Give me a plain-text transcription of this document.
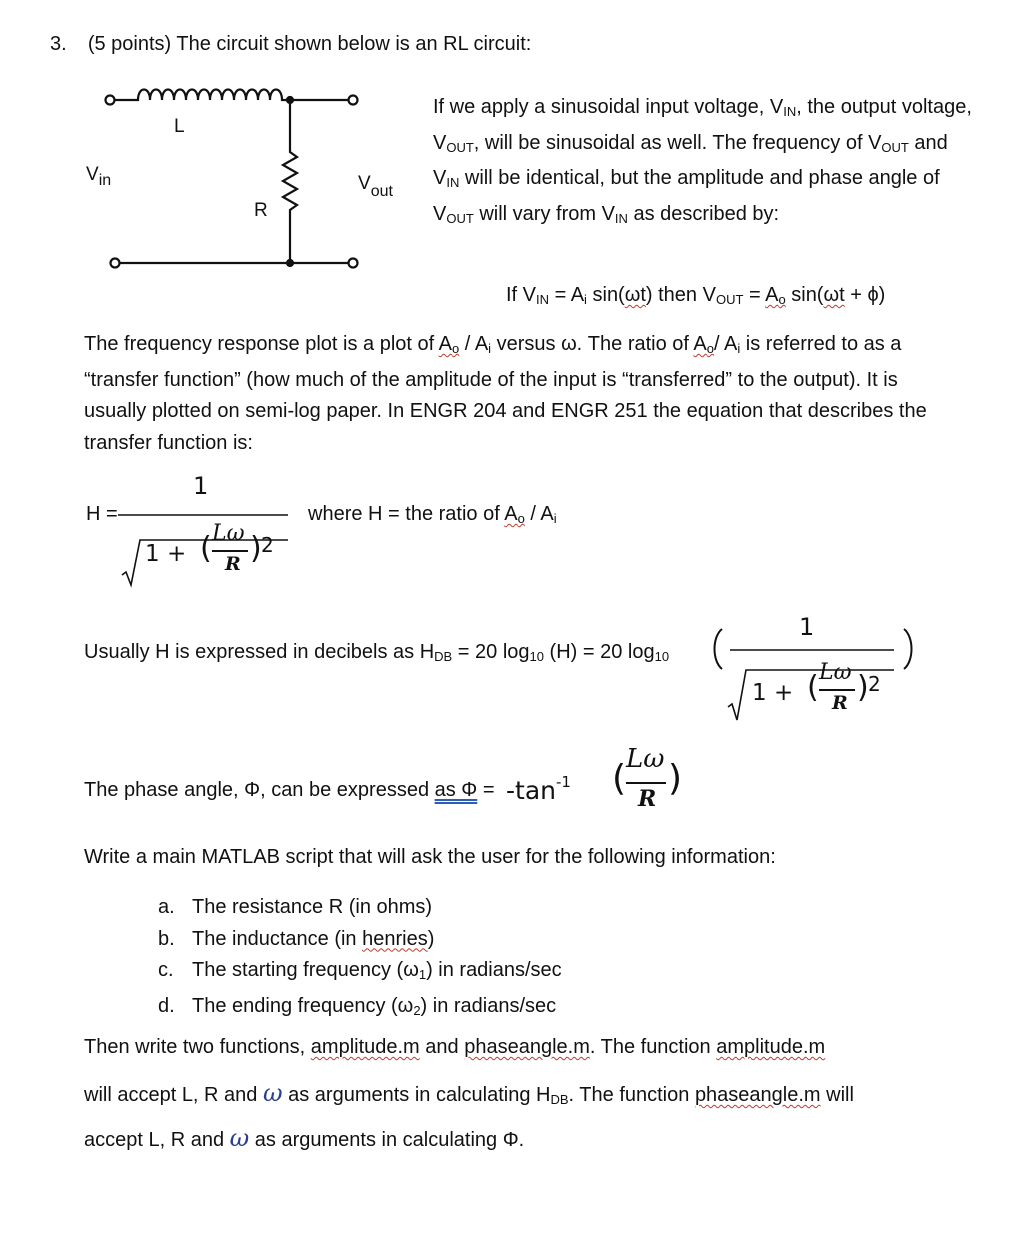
3. (5 points) The circuit shown below is an RL circuit:
L
R
$V_{in}$	$V_{out}$
If we apply a sinusoidal input voltage, $V_{IN}$, the output voltage, $V_{OUT}$, will be sinusoidal as well. The frequency of $V_{OUT}$ and $V_{IN}$ will be identical, but the amplitude and phase angle of $V_{OUT}$ will vary from $V_{IN}$ as described by:
If $V_{IN} = A_i$ sin(ωt) then $V_{OUT} = A_o$ sin(ωt + ϕ)
The frequency response plot is a plot of $A_o / A_i$ versus ω. The ratio of $A_o/$ $A_i$ is referred to as a “transfer function” (how much of the amplitude of the input is “transferred” to the output). It is usually plotted on semi-log paper. In ENGR 204 and ENGR 251 the equation that describes the transfer function is:
H =
1
1 + ( Lω
R ) 2
where H = the ratio of $A_o / A_i$
Usually H is expressed in decibels as $H_{DB} = 20$ $\log_{10} (H) = 20$ $\log_{10}$
1
1 + ( Lω
R ) 2
The phase angle, Φ, can be expressed as $\Phi = -\tan^{-1}$ ( Lω
R )
Write a main MATLAB script that will ask the user for the following information:
a. The resistance R (in ohms)
b. The inductance (in henries)
c. The starting frequency $(\omega_1)$ in radians/sec
d. The ending frequency $(\omega_2)$ in radians/sec
Then write two functions, amplitude.m and phaseangle.m. The function amplitude.m
will accept L, R and ω as arguments in calculating $H_{DB}$. The function phaseangle.m will
accept L, R and ω as arguments in calculating Φ.
